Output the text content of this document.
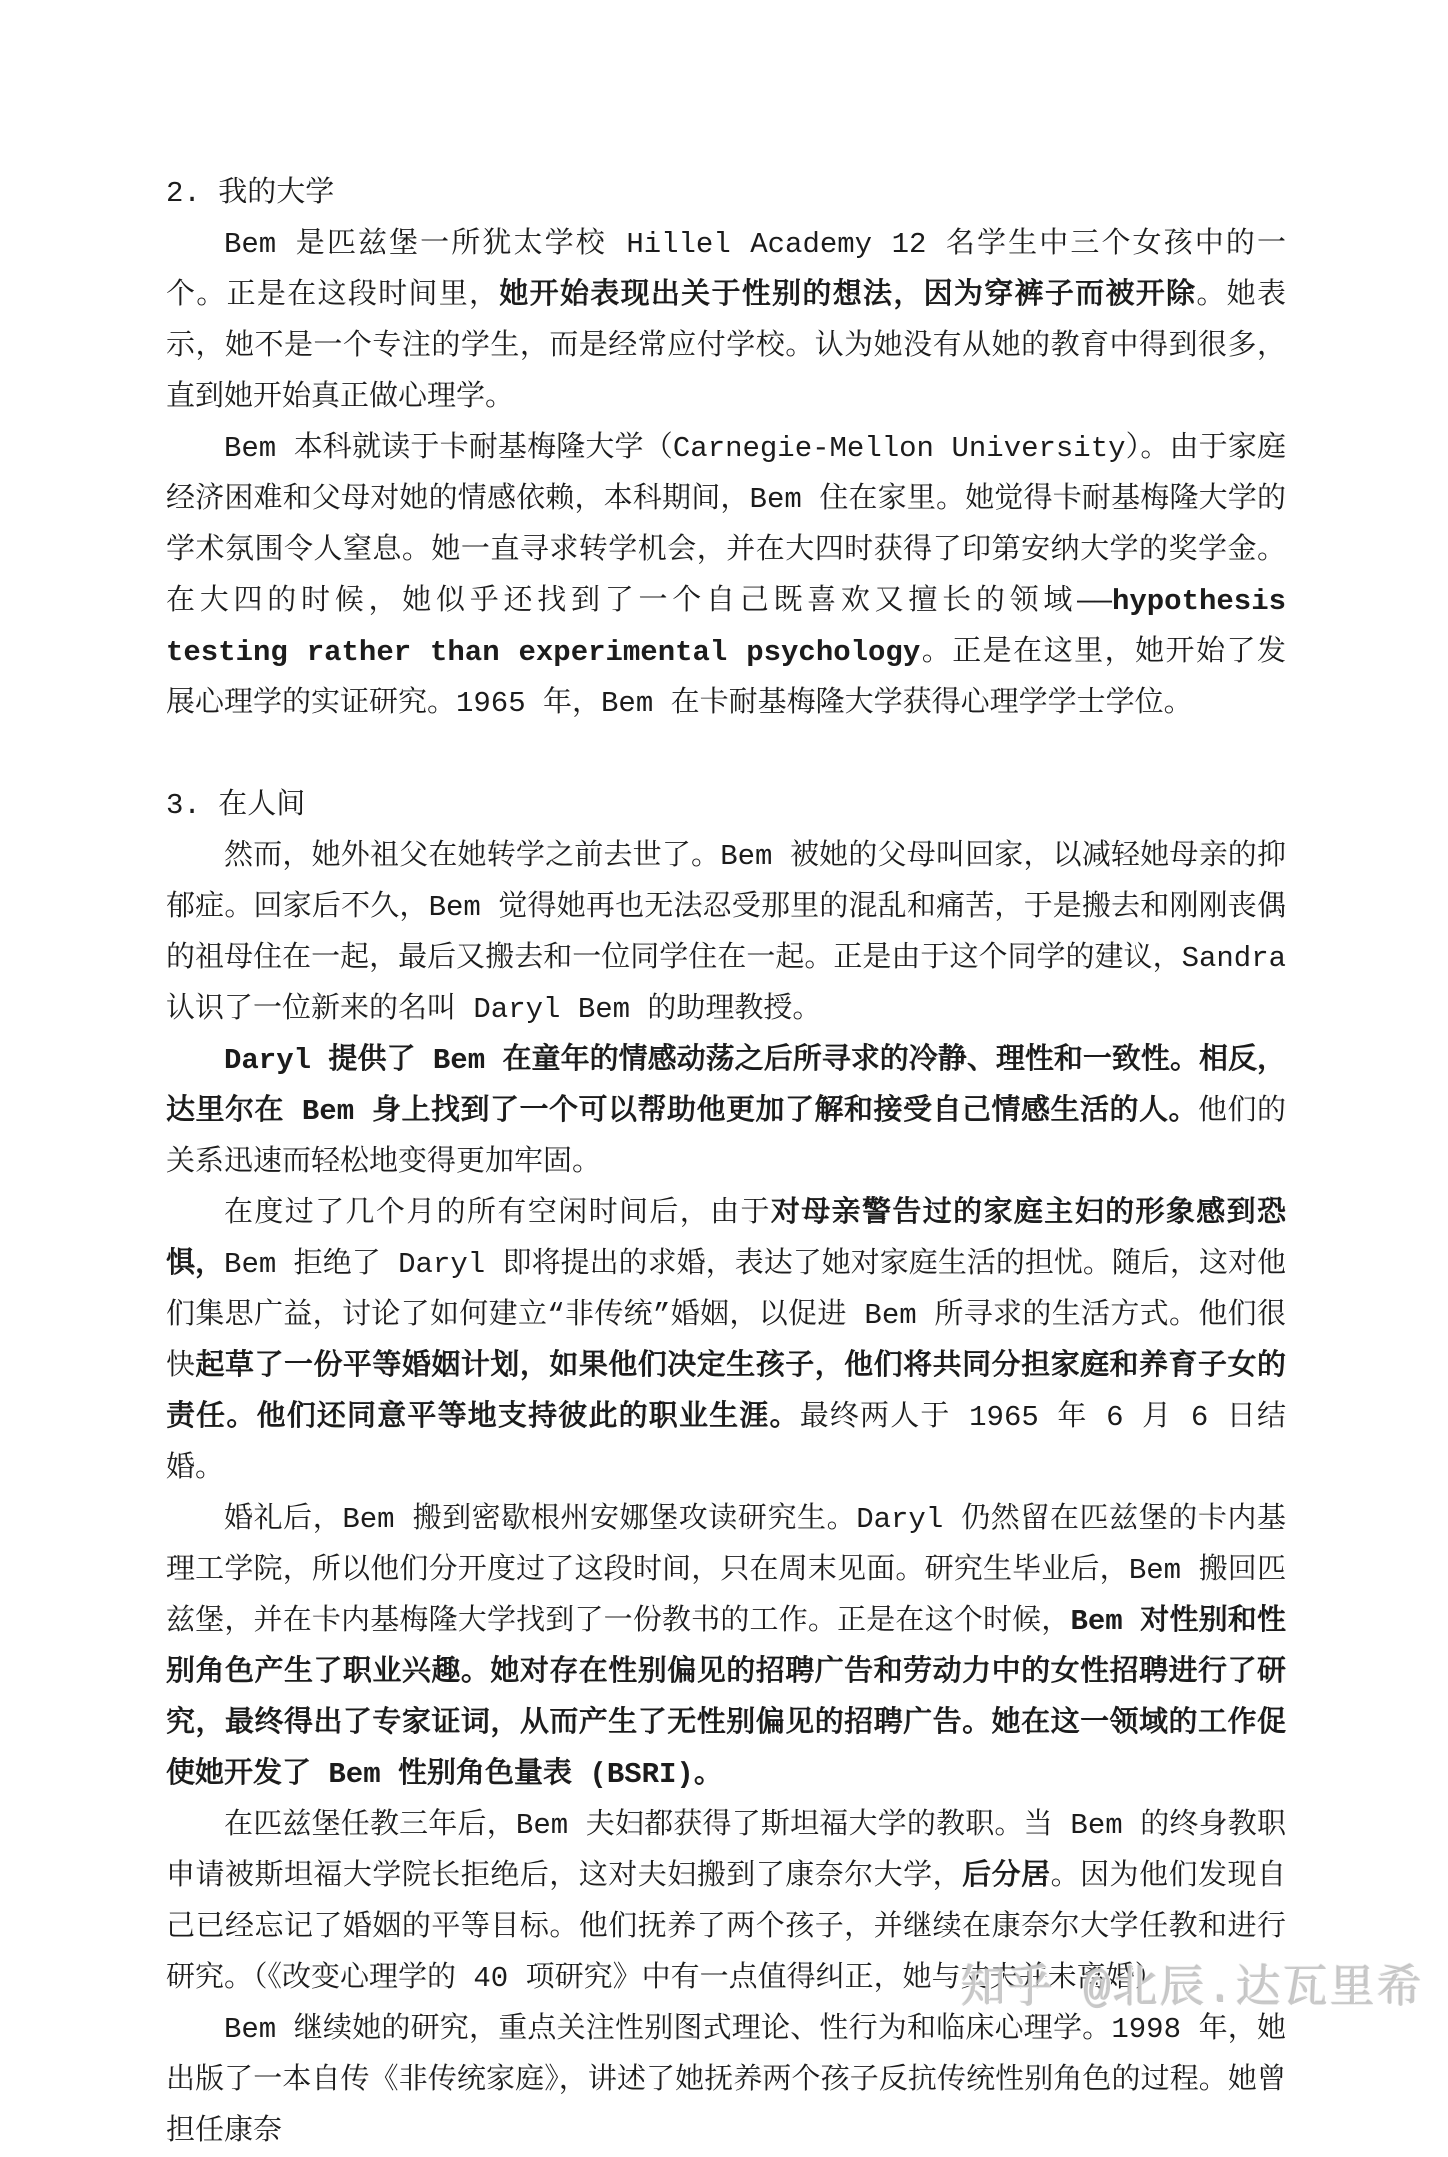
2. 我的大学

Bem 是匹兹堡一所犹太学校 Hillel Academy 12 名学生中三个女孩中的一个。正是在这段时间里，她开始表现出关于性别的想法，因为穿裤子而被开除。她表示，她不是一个专注的学生，而是经常应付学校。认为她没有从她的教育中得到很多，直到她开始真正做心理学。

Bem 本科就读于卡耐基梅隆大学（Carnegie-Mellon University）。由于家庭经济困难和父母对她的情感依赖，本科期间，Bem 住在家里。她觉得卡耐基梅隆大学的学术氛围令人窒息。她一直寻求转学机会，并在大四时获得了印第安纳大学的奖学金。在大四的时候，她似乎还找到了一个自己既喜欢又擅长的领域——hypothesis testing rather than experimental psychology。正是在这里，她开始了发展心理学的实证研究。1965 年，Bem 在卡耐基梅隆大学获得心理学学士学位。

3. 在人间

然而，她外祖父在她转学之前去世了。Bem 被她的父母叫回家，以减轻她母亲的抑郁症。回家后不久，Bem 觉得她再也无法忍受那里的混乱和痛苦，于是搬去和刚刚丧偶的祖母住在一起，最后又搬去和一位同学住在一起。正是由于这个同学的建议，Sandra 认识了一位新来的名叫 Daryl Bem 的助理教授。

Daryl 提供了 Bem 在童年的情感动荡之后所寻求的冷静、理性和一致性。相反，达里尔在 Bem 身上找到了一个可以帮助他更加了解和接受自己情感生活的人。他们的关系迅速而轻松地变得更加牢固。

在度过了几个月的所有空闲时间后，由于对母亲警告过的家庭主妇的形象感到恐惧，Bem 拒绝了 Daryl 即将提出的求婚，表达了她对家庭生活的担忧。随后，这对他们集思广益，讨论了如何建立“非传统”婚姻，以促进 Bem 所寻求的生活方式。他们很快起草了一份平等婚姻计划，如果他们决定生孩子，他们将共同分担家庭和养育子女的责任。他们还同意平等地支持彼此的职业生涯。最终两人于 1965 年 6 月 6 日结婚。

婚礼后，Bem 搬到密歇根州安娜堡攻读研究生。Daryl 仍然留在匹兹堡的卡内基理工学院，所以他们分开度过了这段时间，只在周末见面。研究生毕业后，Bem 搬回匹兹堡，并在卡内基梅隆大学找到了一份教书的工作。正是在这个时候，Bem 对性别和性别角色产生了职业兴趣。她对存在性别偏见的招聘广告和劳动力中的女性招聘进行了研究，最终得出了专家证词，从而产生了无性别偏见的招聘广告。她在这一领域的工作促使她开发了 Bem 性别角色量表 (BSRI)。

在匹兹堡任教三年后，Bem 夫妇都获得了斯坦福大学的教职。当 Bem 的终身教职申请被斯坦福大学院长拒绝后，这对夫妇搬到了康奈尔大学，后分居。因为他们发现自己已经忘记了婚姻的平等目标。他们抚养了两个孩子，并继续在康奈尔大学任教和进行研究。（《改变心理学的 40 项研究》中有一点值得纠正，她与丈夫并未离婚）

Bem 继续她的研究，重点关注性别图式理论、性行为和临床心理学。1998 年，她出版了一本自传《非传统家庭》，讲述了她抚养两个孩子反抗传统性别角色的过程。她曾担任康奈

知乎 @北辰.达瓦里希
